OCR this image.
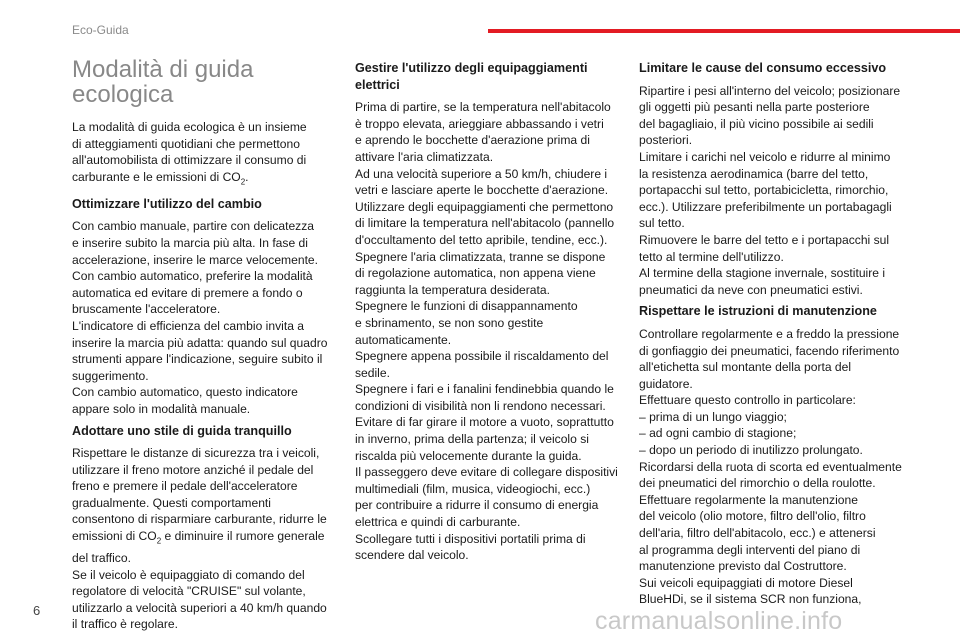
Eco-Guida
Modalità di guida
ecologica
La modalità di guida ecologica è un insieme
di atteggiamenti quotidiani che permettono
all'automobilista di ottimizzare il consumo di
carburante e le emissioni di $CO_2$.
Ottimizzare l'utilizzo del cambio
Con cambio manuale, partire con delicatezza
e inserire subito la marcia più alta. In fase di
accelerazione, inserire le marce velocemente.
Con cambio automatico, preferire la modalità
automatica ed evitare di premere a fondo o
bruscamente l'acceleratore.
L'indicatore di efficienza del cambio invita a
inserire la marcia più adatta: quando sul quadro
strumenti appare l'indicazione, seguire subito il
suggerimento.
Con cambio automatico, questo indicatore
appare solo in modalità manuale.
Adottare uno stile di guida tranquillo
Rispettare le distanze di sicurezza tra i veicoli,
utilizzare il freno motore anziché il pedale del
freno e premere il pedale dell'acceleratore
gradualmente. Questi comportamenti
consentono di risparmiare carburante, ridurre le
emissioni di $CO_2$ e diminuire il rumore generale
del traffico.
Se il veicolo è equipaggiato di comando del
regolatore di velocità "CRUISE" sul volante,
utilizzarlo a velocità superiori a 40 km/h quando
il traffico è regolare.
Gestire l'utilizzo degli equipaggiamenti
elettrici
Prima di partire, se la temperatura nell'abitacolo
è troppo elevata, arieggiare abbassando i vetri
e aprendo le bocchette d'aerazione prima di
attivare l'aria climatizzata.
Ad una velocità superiore a 50 km/h, chiudere i
vetri e lasciare aperte le bocchette d'aerazione.
Utilizzare degli equipaggiamenti che permettono
di limitare la temperatura nell'abitacolo (pannello
d'occultamento del tetto apribile, tendine, ecc.).
Spegnere l'aria climatizzata, tranne se dispone
di regolazione automatica, non appena viene
raggiunta la temperatura desiderata.
Spegnere le funzioni di disappannamento
e sbrinamento, se non sono gestite
automaticamente.
Spegnere appena possibile il riscaldamento del
sedile.
Spegnere i fari e i fanalini fendinebbia quando le
condizioni di visibilità non li rendono necessari.
Evitare di far girare il motore a vuoto, soprattutto
in inverno, prima della partenza; il veicolo si
riscalda più velocemente durante la guida.
Il passeggero deve evitare di collegare dispositivi
multimediali (film, musica, videogiochi, ecc.)
per contribuire a ridurre il consumo di energia
elettrica e quindi di carburante.
Scollegare tutti i dispositivi portatili prima di
scendere dal veicolo.
Limitare le cause del consumo eccessivo
Ripartire i pesi all'interno del veicolo; posizionare
gli oggetti più pesanti nella parte posteriore
del bagagliaio, il più vicino possibile ai sedili
posteriori.
Limitare i carichi nel veicolo e ridurre al minimo
la resistenza aerodinamica (barre del tetto,
portapacchi sul tetto, portabicicletta, rimorchio,
ecc.). Utilizzare preferibilmente un portabagagli
sul tetto.
Rimuovere le barre del tetto e i portapacchi sul
tetto al termine dell'utilizzo.
Al termine della stagione invernale, sostituire i
pneumatici da neve con pneumatici estivi.
Rispettare le istruzioni di manutenzione
Controllare regolarmente e a freddo la pressione
di gonfiaggio dei pneumatici, facendo riferimento
all'etichetta sul montante della porta del
guidatore.
Effettuare questo controllo in particolare:
– prima di un lungo viaggio;
– ad ogni cambio di stagione;
– dopo un periodo di inutilizzo prolungato.
Ricordarsi della ruota di scorta ed eventualmente
dei pneumatici del rimorchio o della roulotte.
Effettuare regolarmente la manutenzione
del veicolo (olio motore, filtro dell'olio, filtro
dell'aria, filtro dell'abitacolo, ecc.) e attenersi
al programma degli interventi del piano di
manutenzione previsto dal Costruttore.
Sui veicoli equipaggiati di motore Diesel
BlueHDi, se il sistema SCR non funziona,
6	carmanualsonline.info
